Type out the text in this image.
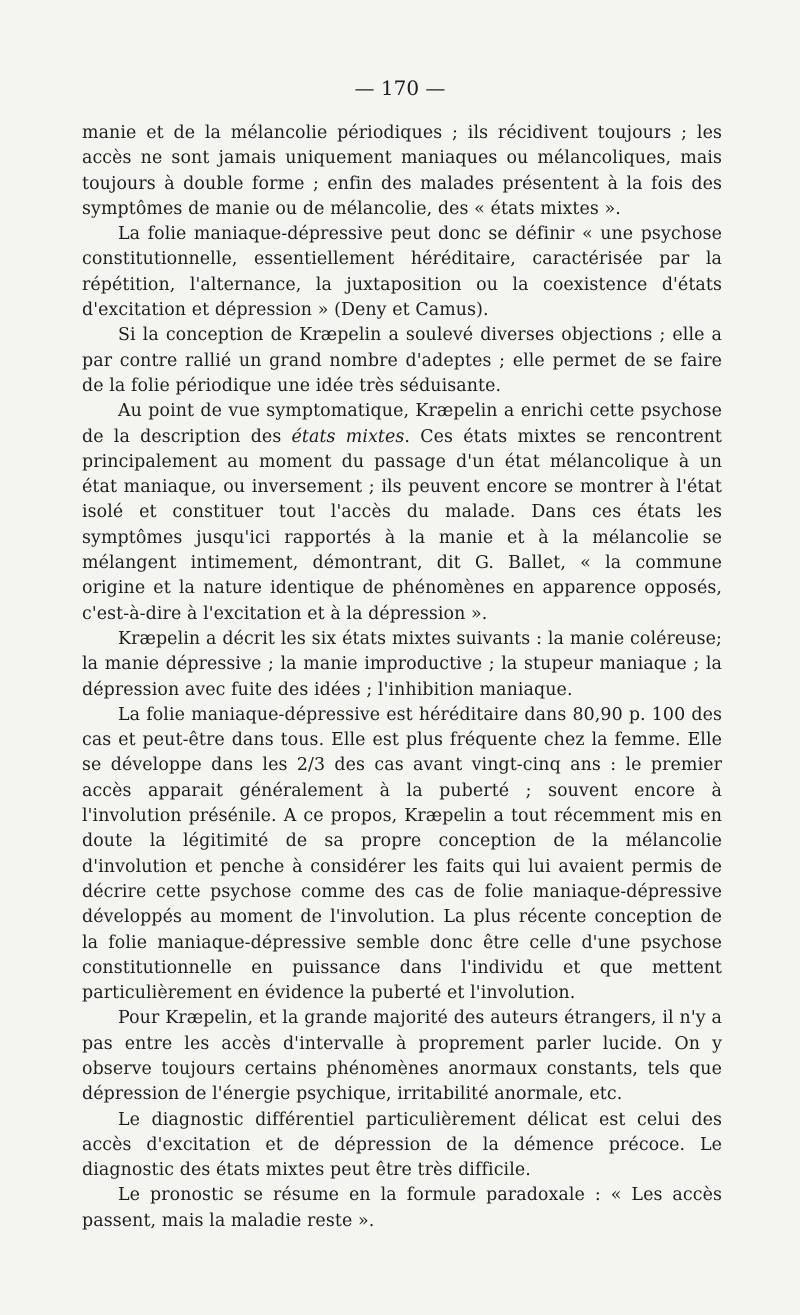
— 170 —

manie et de la mélancolie périodiques ; ils récidivent toujours ; les accès ne sont jamais uniquement maniaques ou mélancoliques, mais toujours à double forme ; enfin des malades présentent à la fois des symptômes de manie ou de mélancolie, des « états mixtes ».

La folie maniaque-dépressive peut donc se définir « une psychose constitutionnelle, essentiellement héréditaire, caractérisée par la répétition, l'alternance, la juxtaposition ou la coexistence d'états d'excitation et dépression » (Deny et Camus).

Si la conception de Kræpelin a soulevé diverses objections ; elle a par contre rallié un grand nombre d'adeptes ; elle permet de se faire de la folie périodique une idée très séduisante.

Au point de vue symptomatique, Kræpelin a enrichi cette psychose de la description des états mixtes. Ces états mixtes se rencontrent principalement au moment du passage d'un état mélancolique à un état maniaque, ou inversement ; ils peuvent encore se montrer à l'état isolé et constituer tout l'accès du malade. Dans ces états les symptômes jusqu'ici rapportés à la manie et à la mélancolie se mélangent intimement, démontrant, dit G. Ballet, « la commune origine et la nature identique de phénomènes en apparence opposés, c'est-à-dire à l'excitation et à la dépression ».

Kræpelin a décrit les six états mixtes suivants : la manie coléreuse; la manie dépressive ; la manie improductive ; la stupeur maniaque ; la dépression avec fuite des idées ; l'inhibition maniaque.

La folie maniaque-dépressive est héréditaire dans 80,90 p. 100 des cas et peut-être dans tous. Elle est plus fréquente chez la femme. Elle se développe dans les 2/3 des cas avant vingt-cinq ans : le premier accès apparait généralement à la puberté ; souvent encore à l'involution présénile. A ce propos, Kræpelin a tout récemment mis en doute la légitimité de sa propre conception de la mélancolie d'involution et penche à considérer les faits qui lui avaient permis de décrire cette psychose comme des cas de folie maniaque-dépressive développés au moment de l'involution. La plus récente conception de la folie maniaque-dépressive semble donc être celle d'une psychose constitutionnelle en puissance dans l'individu et que mettent particulièrement en évidence la puberté et l'involution.

Pour Kræpelin, et la grande majorité des auteurs étrangers, il n'y a pas entre les accès d'intervalle à proprement parler lucide. On y observe toujours certains phénomènes anormaux constants, tels que dépression de l'énergie psychique, irritabilité anormale, etc.

Le diagnostic différentiel particulièrement délicat est celui des accès d'excitation et de dépression de la démence précoce. Le diagnostic des états mixtes peut être très difficile.

Le pronostic se résume en la formule paradoxale : « Les accès passent, mais la maladie reste ».
